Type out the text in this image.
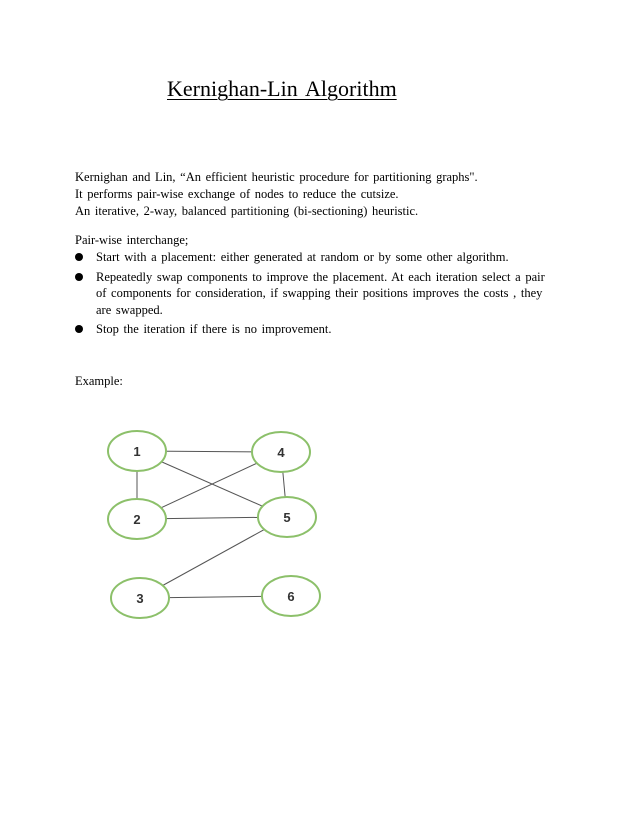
Kernighan-Lin Algorithm
Kernighan and Lin, “An efficient heuristic procedure for partitioning graphs".
It performs pair-wise exchange of nodes to reduce the cutsize.
An iterative, 2-way, balanced partitioning (bi-sectioning) heuristic.
Pair-wise interchange;
Start with a placement: either generated at random or by some other algorithm.
Repeatedly swap components to improve the placement. At each iteration select a pair of components for consideration, if swapping their positions improves the costs , they are swapped.
Stop the iteration if there is no improvement.
Example:
1
2
3
4
5
6
